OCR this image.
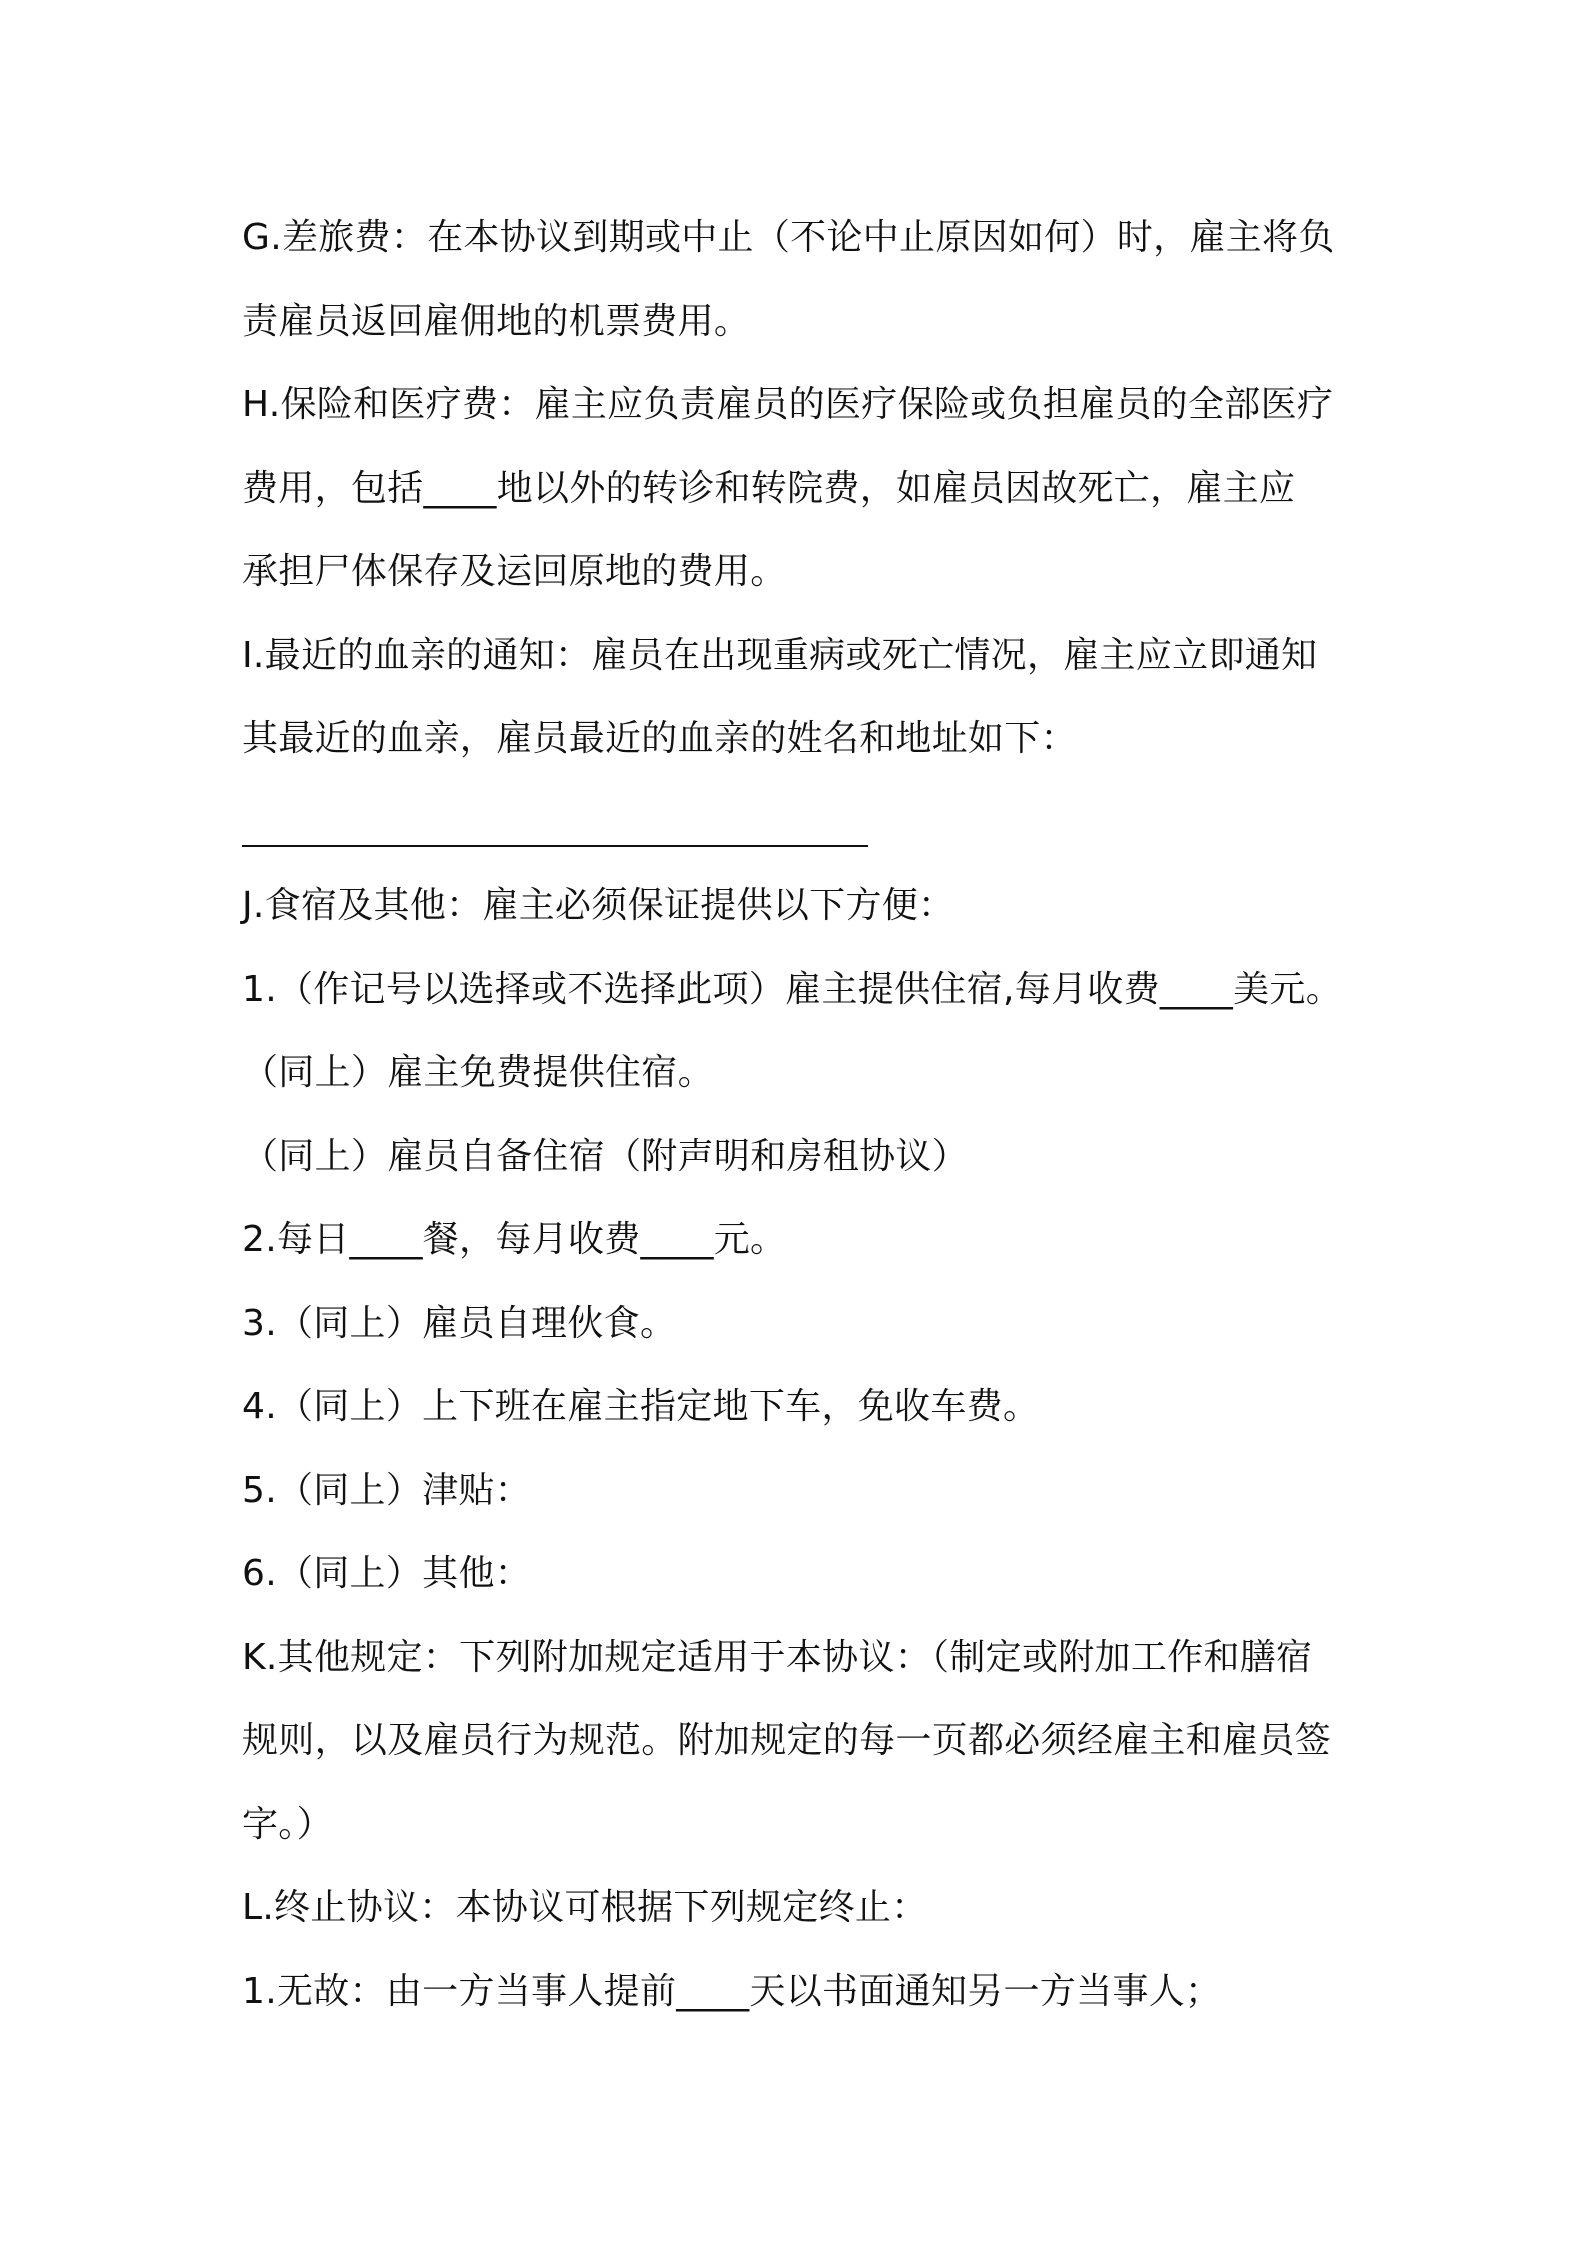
G.差旅费：在本协议到期或中止（不论中止原因如何）时，雇主将负
责雇员返回雇佣地的机票费用。
H.保险和医疗费：雇主应负责雇员的医疗保险或负担雇员的全部医疗
费用，包括____地以外的转诊和转院费，如雇员因故死亡，雇主应
承担尸体保存及运回原地的费用。
I.最近的血亲的通知：雇员在出现重病或死亡情况，雇主应立即通知
其最近的血亲，雇员最近的血亲的姓名和地址如下：
J.食宿及其他：雇主必须保证提供以下方便：
1.（作记号以选择或不选择此项）雇主提供住宿,每月收费____美元。
（同上）雇主免费提供住宿。
（同上）雇员自备住宿（附声明和房租协议）
2.每日____餐，每月收费____元。
3.（同上）雇员自理伙食。
4.（同上）上下班在雇主指定地下车，免收车费。
5.（同上）津贴：
6.（同上）其他：
K.其他规定：下列附加规定适用于本协议：（制定或附加工作和膳宿
规则，以及雇员行为规范。附加规定的每一页都必须经雇主和雇员签
字。）
L.终止协议：本协议可根据下列规定终止：
1.无故：由一方当事人提前____天以书面通知另一方当事人；
